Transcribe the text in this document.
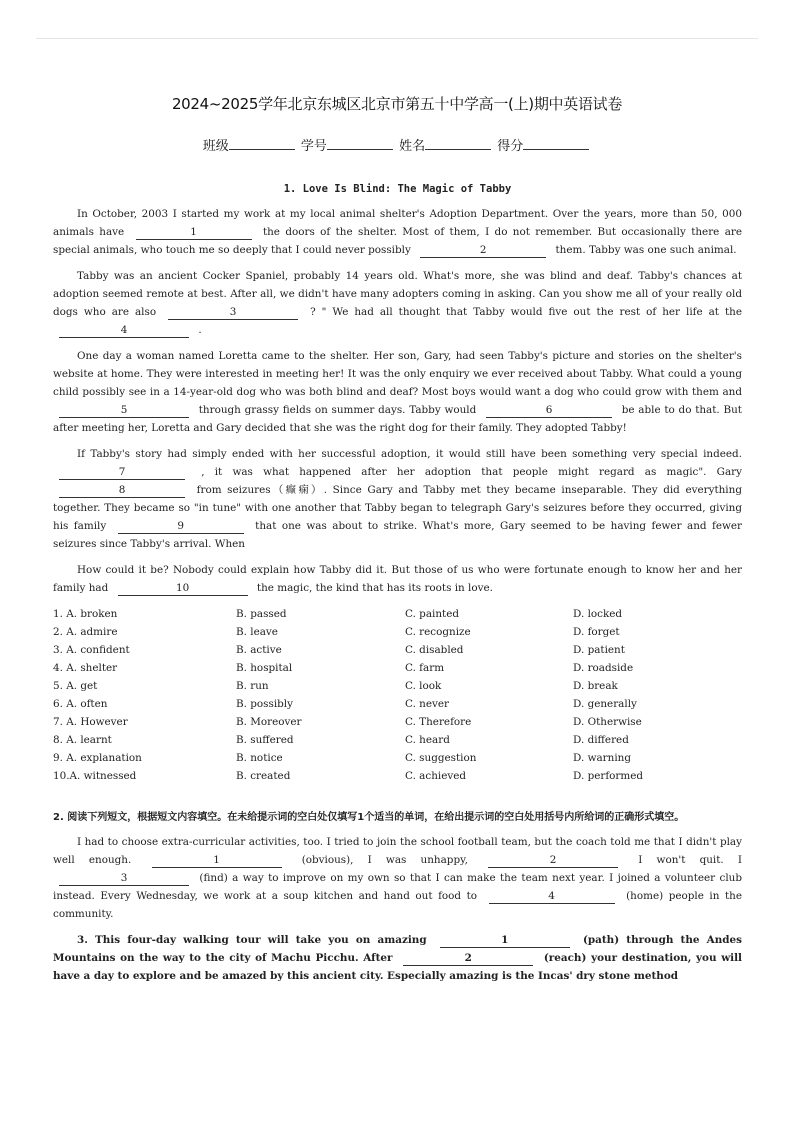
2024~2025学年北京东城区北京市第五十中学高一(上)期中英语试卷
班级	学号	姓名	得分
1. Love Is Blind: The Magic of Tabby

In October, 2003 I started my work at my local animal shelter's Adoption Department. Over the years, more than 50, 000 animals have	1	the doors of the shelter. Most of them, I do not remember. But occasionally there are special animals, who touch me so deeply that I could never possibly	2	them. Tabby was one such animal.

Tabby was an ancient Cocker Spaniel, probably 14 years old. What's more, she was blind and deaf. Tabby's chances at adoption seemed remote at best. After all, we didn't have many adopters coming in asking. Can you show me all of your really old dogs who are also	3	? " We had all thought that Tabby would five out the rest of her life at the 4	.

One day a woman named Loretta came to the shelter. Her son, Gary, had seen Tabby's picture and stories on the shelter's website at home. They were interested in meeting her! It was the only enquiry we ever received about Tabby. What could a young child possibly see in a 14-year-old dog who was both blind and deaf? Most boys would want a dog who could grow with them and 5	through grassy fields on summer days. Tabby would	6	be able to do that. But after meeting her, Loretta and Gary decided that she was the right dog for their family. They adopted Tabby!

If Tabby's story had simply ended with her successful adoption, it would still have been something very special indeed. 7	, it was what happened after her adoption that people might regard as magic". Gary 8	from seizures（癫痫）. Since Gary and Tabby met they became inseparable. They did everything together. They became so "in tune" with one another that Tabby began to telegraph Gary's seizures before they occurred, giving his family	9	that one was about to strike. What's more, Gary seemed to be having fewer and fewer seizures since Tabby's arrival. When

How could it be? Nobody could explain how Tabby did it. But those of us who were fortunate enough to know her and her family had	10	the magic, the kind that has its roots in love.

1. A. broken	B. passed	C. painted	D. locked
2. A. admire	B. leave	C. recognize	D. forget
3. A. confident	B. active	C. disabled	D. patient
4. A. shelter	B. hospital	C. farm	D. roadside
5. A. get	B. run	C. look	D. break
6. A. often	B. possibly	C. never	D. generally
7. A. However	B. Moreover	C. Therefore	D. Otherwise
8. A. learnt	B. suffered	C. heard	D. differed
9. A. explanation	B. notice	C. suggestion	D. warning
10.A. witnessed	B. created	C. achieved	D. performed
2. 阅读下列短文，根据短文内容填空。在未给提示词的空白处仅填写1个适当的单词，在给出提示词的空白处用括号内所给词的正确形式填空。

I had to choose extra-curricular activities, too. I tried to join the school football team, but the coach told me that I didn't play well enough.	1	(obvious), I was unhappy,	2	I won't quit. I 3	(find) a way to improve on my own so that I can make the team next year. I joined a volunteer club instead. Every Wednesday, we work at a soup kitchen and hand out food to	4	(home) people in the community.

3. This four-day walking tour will take you on amazing	1	(path) through the Andes Mountains on the way to the city of Machu Picchu. After	2	(reach) your destination, you will have a day to explore and be amazed by this ancient city. Especially amazing is the Incas' dry stone method
